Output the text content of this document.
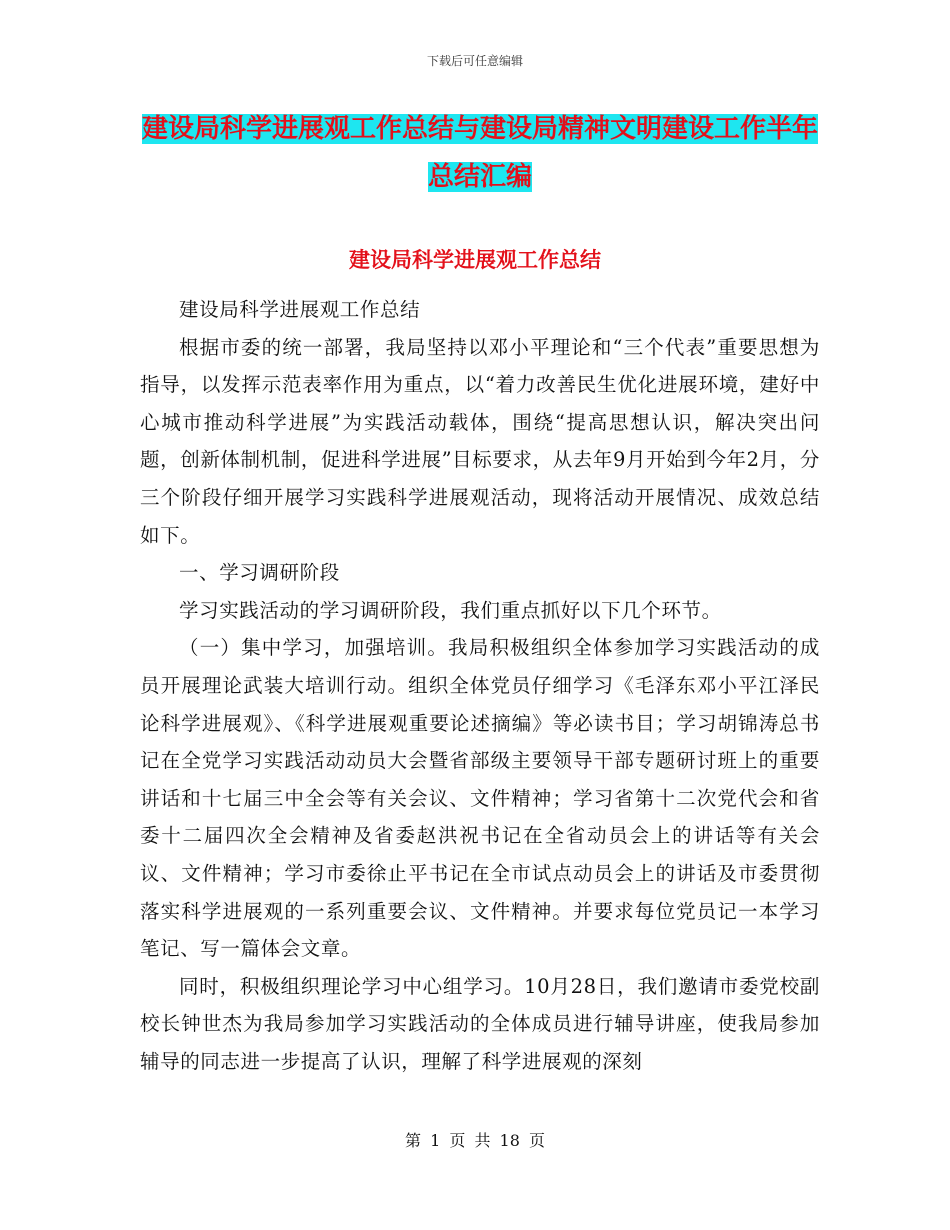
下载后可任意编辑
建设局科学进展观工作总结与建设局精神文明建设工作半年总结汇编
建设局科学进展观工作总结

建设局科学进展观工作总结

根据市委的统一部署，我局坚持以邓小平理论和“三个代表”重要思想为指导，以发挥示范表率作用为重点，以“着力改善民生优化进展环境，建好中心城市推动科学进展”为实践活动载体，围绕“提高思想认识，解决突出问题，创新体制机制，促进科学进展”目标要求，从去年9月开始到今年2月，分三个阶段仔细开展学习实践科学进展观活动，现将活动开展情况、成效总结如下。

一、学习调研阶段

学习实践活动的学习调研阶段，我们重点抓好以下几个环节。

（一）集中学习，加强培训。我局积极组织全体参加学习实践活动的成员开展理论武装大培训行动。组织全体党员仔细学习《毛泽东邓小平江泽民论科学进展观》、《科学进展观重要论述摘编》等必读书目；学习胡锦涛总书记在全党学习实践活动动员大会暨省部级主要领导干部专题研讨班上的重要讲话和十七届三中全会等有关会议、文件精神；学习省第十二次党代会和省委十二届四次全会精神及省委赵洪祝书记在全省动员会上的讲话等有关会议、文件精神；学习市委徐止平书记在全市试点动员会上的讲话及市委贯彻落实科学进展观的一系列重要会议、文件精神。并要求每位党员记一本学习笔记、写一篇体会文章。

同时，积极组织理论学习中心组学习。10月28日，我们邀请市委党校副校长钟世杰为我局参加学习实践活动的全体成员进行辅导讲座，使我局参加辅导的同志进一步提高了认识，理解了科学进展观的深刻

第 1 页 共 18 页
